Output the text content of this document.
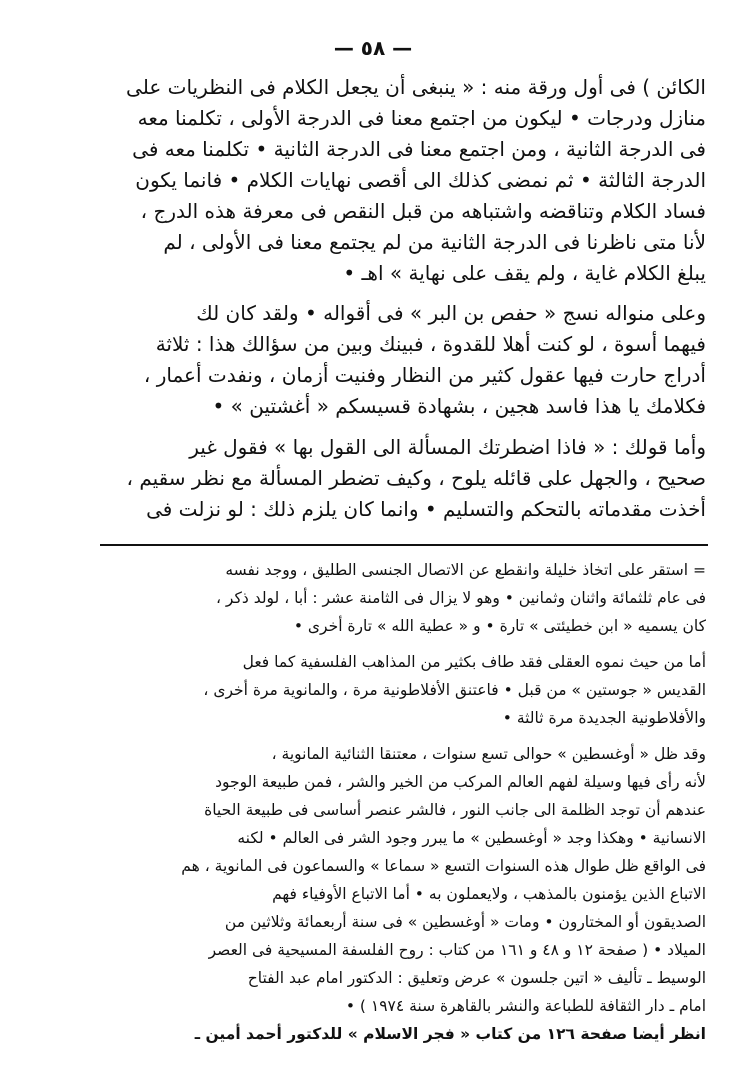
— ٥٨ —
الكائن ) فى أول ورقة منه : « ينبغى أن يجعل الكلام فى النظريات على
منازل ودرجات • ليكون من اجتمع معنا فى الدرجة الأولى ، تكلمنا معه
فى الدرجة الثانية ، ومن اجتمع معنا فى الدرجة الثانية • تكلمنا معه فى
الدرجة الثالثة • ثم نمضى كذلك الى أقصى نهايات الكلام • فانما يكون
فساد الكلام وتناقضه واشتباهه من قبل النقص فى معرفة هذه الدرج ،
لأنا متى ناظرنا فى الدرجة الثانية من لم يجتمع معنا فى الأولى ، لم
يبلغ الكلام غاية ، ولم يقف على نهاية » اهـ •
وعلى منواله نسج « حفص بن البر » فى أقواله • ولقد كان لك
فيهما أسوة ، لو كنت أهلا للقدوة ، فبينك وبين من سؤالك هذا : ثلاثة
أدراج حارت فيها عقول كثير من النظار وفنيت أزمان ، ونفدت أعمار ،
فكلامك يا هذا فاسد هجين ، بشهادة قسيسكم « أغشتين » •
وأما قولك : « فاذا اضطرتك المسألة الى القول بها » فقول غير
صحيح ، والجهل على قائله يلوح ، وكيف تضطر المسألة مع نظر سقيم ،
أخذت مقدماته بالتحكم والتسليم • وانما كان يلزم ذلك : لو نزلت فى
= استقر على اتخاذ خليلة وانقطع عن الاتصال الجنسى الطليق ، ووجد نفسه
فى عام ثلثمائة واثنان وثمانين • وهو لا يزال فى الثامنة عشر : أبا ، لولد ذكر ،
كان يسميه « ابن خطيئتى » تارة • و « عطية الله » تارة أخرى •
أما من حيث نموه العقلى فقد طاف بكثير من المذاهب الفلسفية كما فعل
القديس « جوستين » من قبل • فاعتنق الأفلاطونية مرة ، والمانوية مرة أخرى ،
والأفلاطونية الجديدة مرة ثالثة •
وقد ظل « أوغسطين » حوالى تسع سنوات ، معتنقا الثنائية المانوية ،
لأنه رأى فيها وسيلة لفهم العالم المركب من الخير والشر ، فمن طبيعة الوجود
عندهم أن توجد الظلمة الى جانب النور ، فالشر عنصر أساسى فى طبيعة الحياة
الانسانية • وهكذا وجد « أوغسطين » ما يبرر وجود الشر فى العالم • لكنه
فى الواقع ظل طوال هذه السنوات التسع « سماعا » والسماعون فى المانوية ، هم
الاتباع الذين يؤمنون بالمذهب ، ولايعملون به • أما الاتباع الأوفياء فهم
الصديقون أو المختارون • ومات « أوغسطين » فى سنة أربعمائة وثلاثين من
الميلاد • ( صفحة ١٢ و ٤٨ و ١٦١ من كتاب : روح الفلسفة المسيحية فى العصر
الوسيط ـ تأليف « اتين جلسون » عرض وتعليق : الدكتور امام عبد الفتاح
امام ـ دار الثقافة للطباعة والنشر بالقاهرة سنة ١٩٧٤ ) •
انظر أيضا صفحة ١٢٦ من كتاب « فجر الاسلام » للدكتور أحمد أمين ـ
